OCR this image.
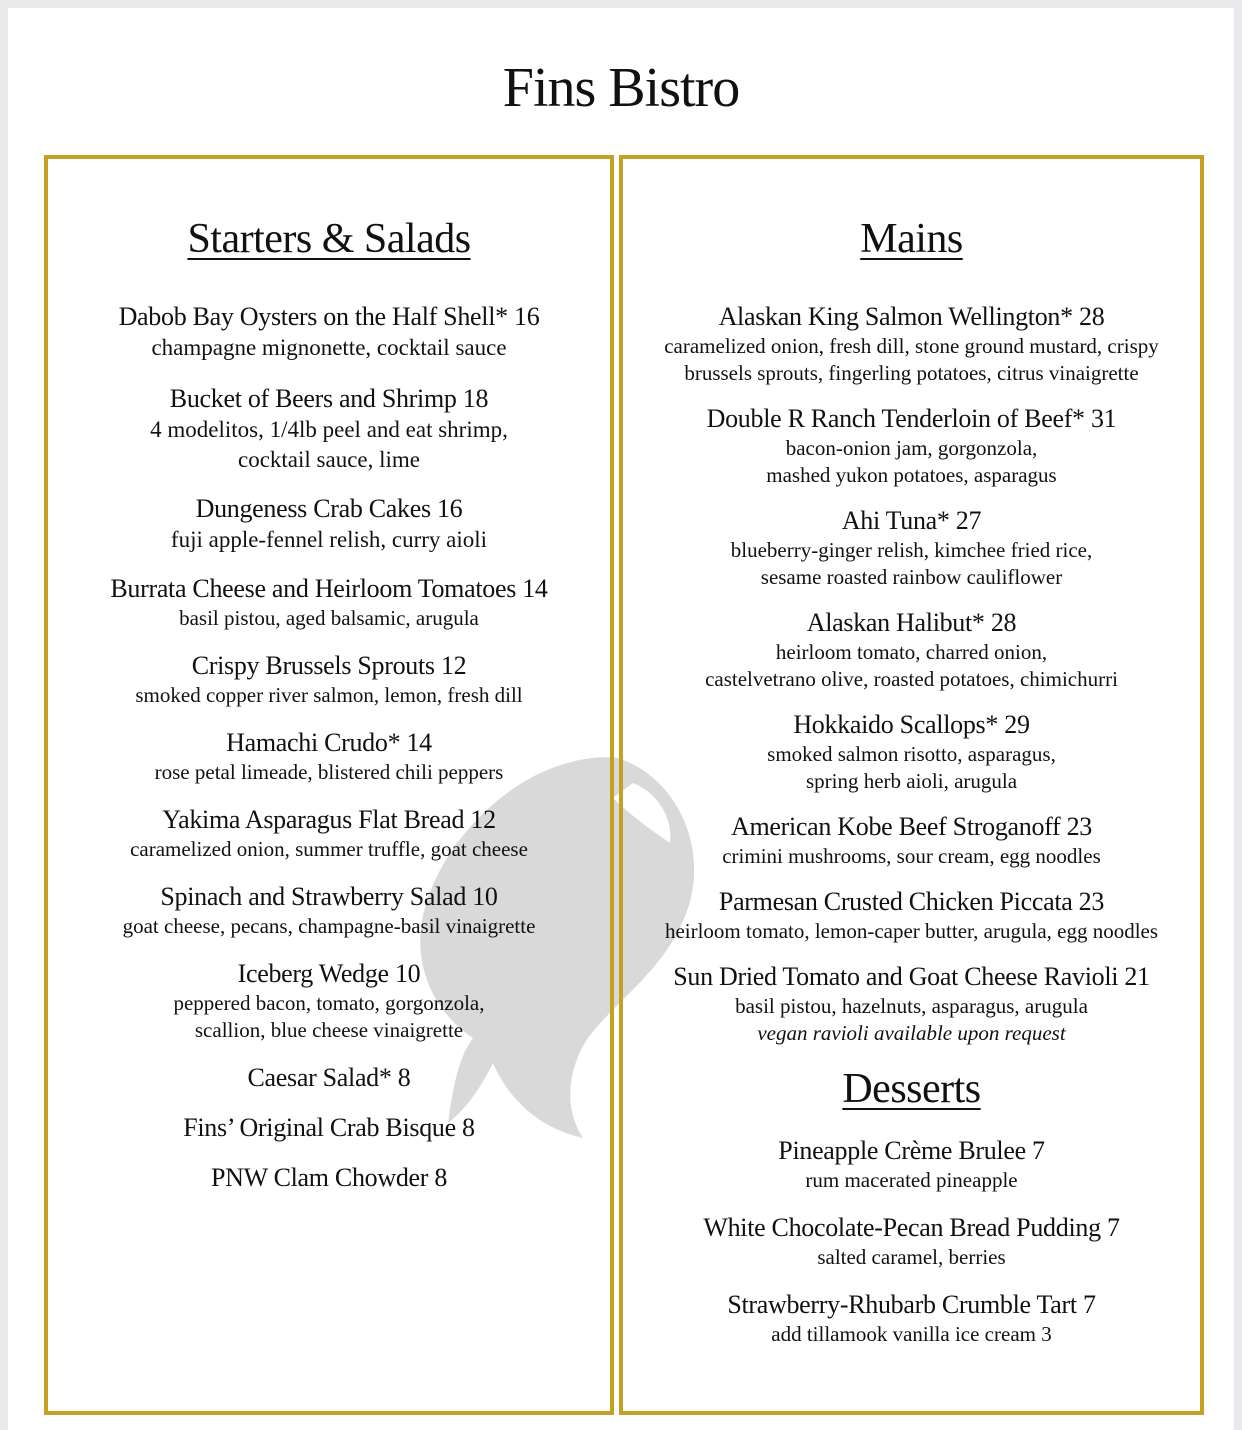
Fins Bistro
Starters & Salads
Dabob Bay Oysters on the Half Shell* 16
champagne mignonette, cocktail sauce
Bucket of Beers and Shrimp 18
4 modelitos, 1/4lb peel and eat shrimp,
cocktail sauce, lime
Dungeness Crab Cakes 16
fuji apple-fennel relish, curry aioli
Burrata Cheese and Heirloom Tomatoes 14
basil pistou, aged balsamic, arugula
Crispy Brussels Sprouts 12
smoked copper river salmon, lemon, fresh dill
Hamachi Crudo* 14
rose petal limeade, blistered chili peppers
Yakima Asparagus Flat Bread 12
caramelized onion, summer truffle, goat cheese
Spinach and Strawberry Salad 10
goat cheese, pecans, champagne-basil vinaigrette
Iceberg Wedge 10
peppered bacon, tomato, gorgonzola,
scallion, blue cheese vinaigrette
Caesar Salad* 8
Fins’ Original Crab Bisque 8
PNW Clam Chowder 8
Mains
Alaskan King Salmon Wellington* 28
caramelized onion, fresh dill, stone ground mustard, crispy
brussels sprouts, fingerling potatoes, citrus vinaigrette
Double R Ranch Tenderloin of Beef* 31
bacon-onion jam, gorgonzola,
mashed yukon potatoes, asparagus
Ahi Tuna* 27
blueberry-ginger relish, kimchee fried rice,
sesame roasted rainbow cauliflower
Alaskan Halibut* 28
heirloom tomato, charred onion,
castelvetrano olive, roasted potatoes, chimichurri
Hokkaido Scallops* 29
smoked salmon risotto, asparagus,
spring herb aioli, arugula
American Kobe Beef Stroganoff 23
crimini mushrooms, sour cream, egg noodles
Parmesan Crusted Chicken Piccata 23
heirloom tomato, lemon-caper butter, arugula, egg noodles
Sun Dried Tomato and Goat Cheese Ravioli 21
basil pistou, hazelnuts, asparagus, arugula
vegan ravioli available upon request
Desserts
Pineapple Crème Brulee 7
rum macerated pineapple
White Chocolate-Pecan Bread Pudding 7
salted caramel, berries
Strawberry-Rhubarb Crumble Tart 7
add tillamook vanilla ice cream 3
